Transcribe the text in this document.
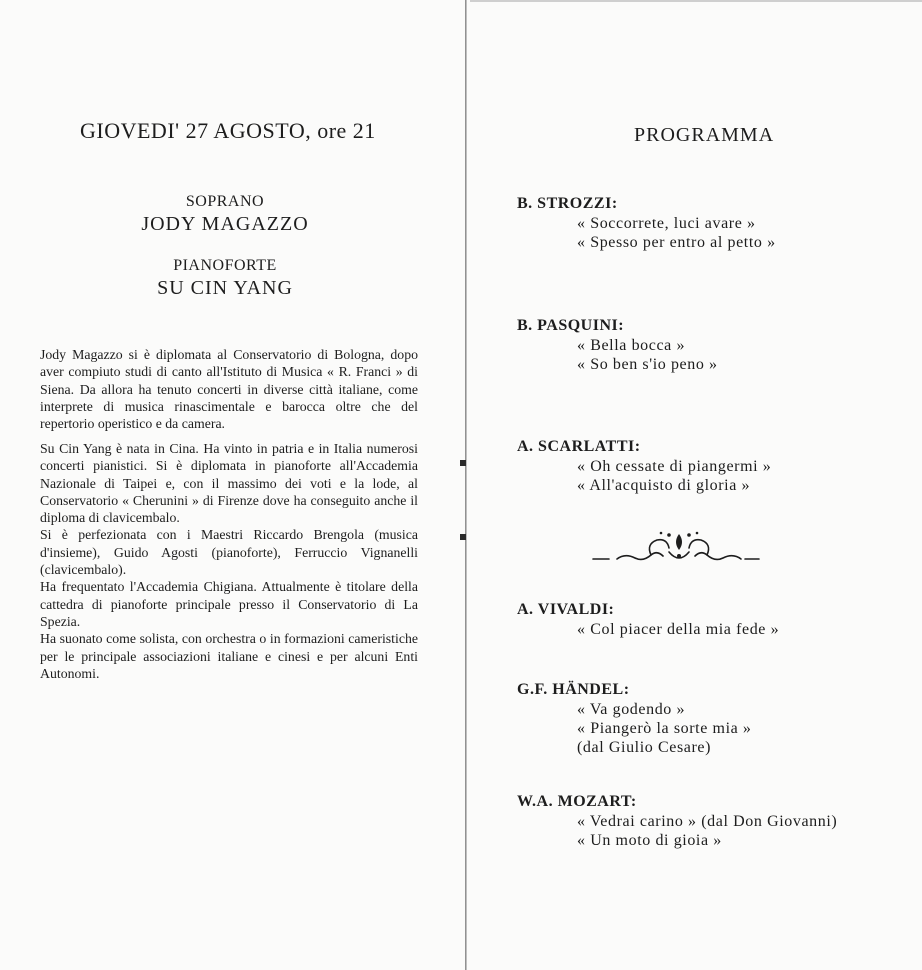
GIOVEDI' 27 AGOSTO, ore 21
SOPRANO
JODY MAGAZZO
PIANOFORTE
SU CIN YANG

Jody Magazzo si è diplomata al Conservatorio di Bologna, dopo aver compiuto studi di canto all'Istituto di Musica « R. Franci » di Siena. Da allora ha tenuto concerti in diverse città italiane, come interprete di musica rinascimentale e barocca oltre che del repertorio operistico e da camera.

Su Cin Yang è nata in Cina. Ha vinto in patria e in Italia numerosi concerti pianistici. Si è diplomata in pianoforte all'Accademia Nazionale di Taipei e, con il massimo dei voti e la lode, al Conservatorio « Cherunini » di Firenze dove ha conseguito anche il diploma di clavicembalo.

Si è perfezionata con i Maestri Riccardo Brengola (musica d'insieme), Guido Agosti (pianoforte), Ferruccio Vignanelli (clavicembalo).

Ha frequentato l'Accademia Chigiana. Attualmente è titolare della cattedra di pianoforte principale presso il Conservatorio di La Spezia.

Ha suonato come solista, con orchestra o in formazioni cameristiche per le principale associazioni italiane e cinesi e per alcuni Enti Autonomi.

PROGRAMMA
B. STROZZI:
« Soccorrete, luci avare »
« Spesso per entro al petto »
B. PASQUINI:
« Bella bocca »
« So ben s'io peno »
A. SCARLATTI:
« Oh cessate di piangermi »
« All'acquisto di gloria »
A. VIVALDI:
« Col piacer della mia fede »
G.F. HÄNDEL:
« Va godendo »
« Piangerò la sorte mia »
(dal Giulio Cesare)
W.A. MOZART:
« Vedrai carino » (dal Don Giovanni)
« Un moto di gioia »
